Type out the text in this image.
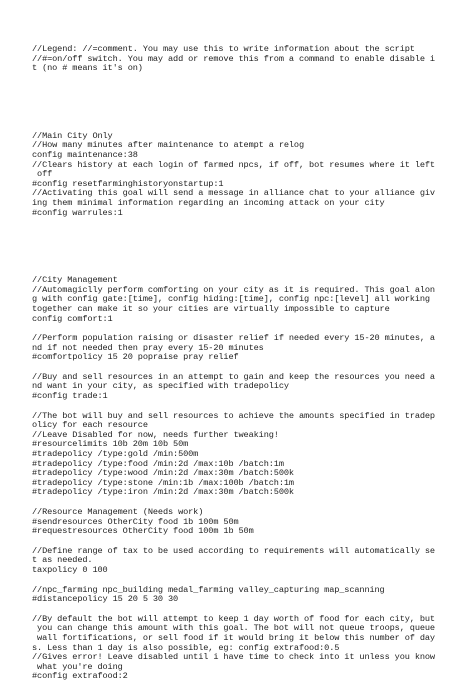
//Legend: //=comment. You may use this to write information about the script
//#=on/off switch. You may add or remove this from a command to enable disable i
t (no # means it's on)
//Main City Only
//How many minutes after maintenance to atempt a relog
config maintenance:38
//Clears history at each login of farmed npcs, if off, bot resumes where it left
off
#config resetfarminghistoryonstartup:1
//Activating this goal will send a message in alliance chat to your alliance giv
ing them minimal information regarding an incoming attack on your city
#config warrules:1
//City Management
//Automagiclly perform comforting on your city as it is required. This goal alon
g with config gate:[time], config hiding:[time], config npc:[level] all working
together can make it so your cities are virtually impossible to capture
config comfort:1
//Perform population raising or disaster relief if needed every 15-20 minutes, a
nd if not needed then pray every 15-20 minutes
#comfortpolicy 15 20 popraise pray relief
//Buy and sell resources in an attempt to gain and keep the resources you need a
nd want in your city, as specified with tradepolicy
#config trade:1
//The bot will buy and sell resources to achieve the amounts specified in tradep
olicy for each resource
//Leave Disabled for now, needs further tweaking!
#resourcelimits 10b 20m 10b 50m
#tradepolicy /type:gold /min:500m
#tradepolicy /type:food /min:2d /max:10b /batch:1m
#tradepolicy /type:wood /min:2d /max:30m /batch:500k
#tradepolicy /type:stone /min:1b /max:100b /batch:1m
#tradepolicy /type:iron /min:2d /max:30m /batch:500k
//Resource Management (Needs work)
#sendresources OtherCity food 1b 100m 50m
#requestresources OtherCity food 100m 1b 50m
//Define range of tax to be used according to requirements will automatically se
t as needed.
taxpolicy 0 100
//npc_farming npc_building medal_farming valley_capturing map_scanning
#distancepolicy 15 20 5 30 30
//By default the bot will attempt to keep 1 day worth of food for each city, but
you can change this amount with this goal. The bot will not queue troops, queue
wall fortifications, or sell food if it would bring it below this number of day
s. Less than 1 day is also possible, eg: config extrafood:0.5
//Gives error! Leave disabled until i have time to check into it unless you know
what you're doing
#config extrafood:2
